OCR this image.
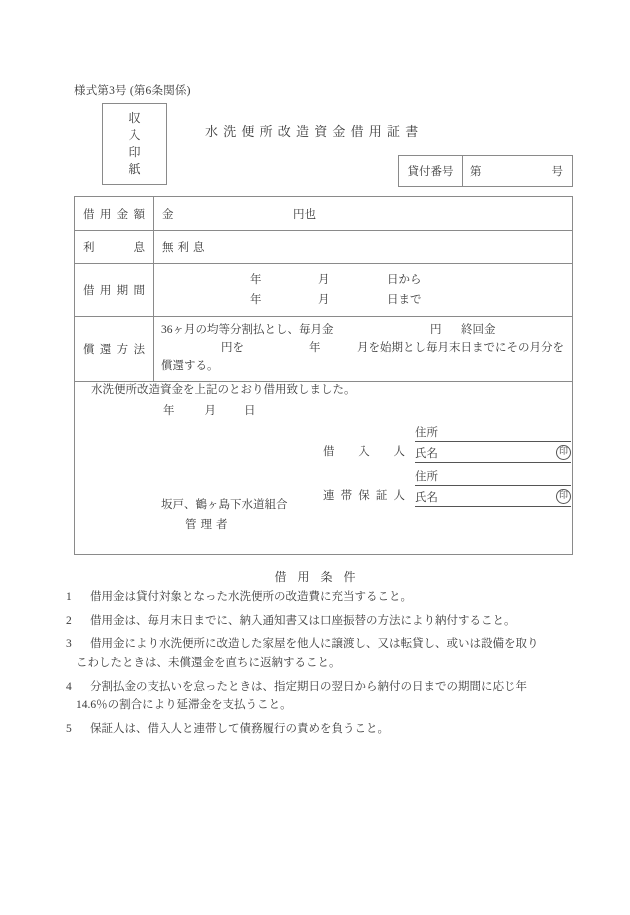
様式第3号 (第6条関係)
収
入
印
紙
水洗便所改造資金借用証書
貸付番号	第	号
借用金額	金	円也
利息 無利息
借用期間
年	月	日から
年	月	日まで
償還方法
36ヶ月の均等分割払とし、毎月金	円 終回金
円を	年	月を始期とし毎月末日までにその月分を
償還する。
水洗便所改造資金を上記のとおり借用致しました。
年	月 日
借入人
住所
氏名	印
連帯保証人
住所
氏名	印
坂戸、鶴ヶ島下水道組合
管理者
借用条件
1	借用金は貸付対象となった水洗便所の改造費に充当すること。
2	借用金は、毎月末日までに、納入通知書又は口座振替の方法により納付すること。
3	借用金により水洗便所に改造した家屋を他人に譲渡し、又は転貸し、或いは設備を取り
こわしたときは、未償還金を直ちに返納すること。
4	分割払金の支払いを怠ったときは、指定期日の翌日から納付の日までの期間に応じ年
14.6％の割合により延滞金を支払うこと。
5	保証人は、借入人と連帯して債務履行の責めを負うこと。
